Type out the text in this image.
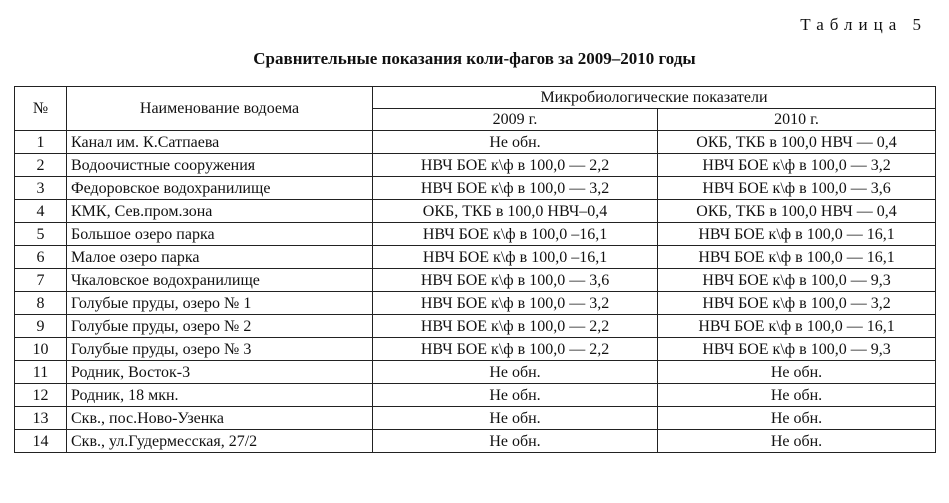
Таблица 5

Сравнительные показания коли-фагов за 2009–2010 годы

№	Наименование водоема	Микробиологические показатели	
		2009 г.	2010 г.
1	Канал им. К.Сатпаева	Не обн.	ОКБ, ТКБ в 100,0 НВЧ — 0,4
2	Водоочистные сооружения	НВЧ БОЕ к\ф в 100,0 — 2,2	НВЧ БОЕ к\ф в 100,0 — 3,2
3	Федоровское водохранилище	НВЧ БОЕ к\ф в 100,0 — 3,2	НВЧ БОЕ к\ф в 100,0 — 3,6
4	КМК, Сев.пром.зона	ОКБ, ТКБ в 100,0 НВЧ–0,4	ОКБ, ТКБ в 100,0 НВЧ — 0,4
5	Большое озеро парка	НВЧ БОЕ к\ф в 100,0 –16,1	НВЧ БОЕ к\ф в 100,0 — 16,1
6	Малое озеро парка	НВЧ БОЕ к\ф в 100,0 –16,1	НВЧ БОЕ к\ф в 100,0 — 16,1
7	Чкаловское водохранилище	НВЧ БОЕ к\ф в 100,0 — 3,6	НВЧ БОЕ к\ф в 100,0 — 9,3
8	Голубые пруды, озеро № 1	НВЧ БОЕ к\ф в 100,0 — 3,2	НВЧ БОЕ к\ф в 100,0 — 3,2
9	Голубые пруды, озеро № 2	НВЧ БОЕ к\ф в 100,0 — 2,2	НВЧ БОЕ к\ф в 100,0 — 16,1
10	Голубые пруды, озеро № 3	НВЧ БОЕ к\ф в 100,0 — 2,2	НВЧ БОЕ к\ф в 100,0 — 9,3
11	Родник, Восток-3	Не обн.	Не обн.
12	Родник, 18 мкн.	Не обн.	Не обн.
13	Скв., пос.Ново-Узенка	Не обн.	Не обн.
14	Скв., ул.Гудермесская, 27/2	Не обн.	Не обн.
